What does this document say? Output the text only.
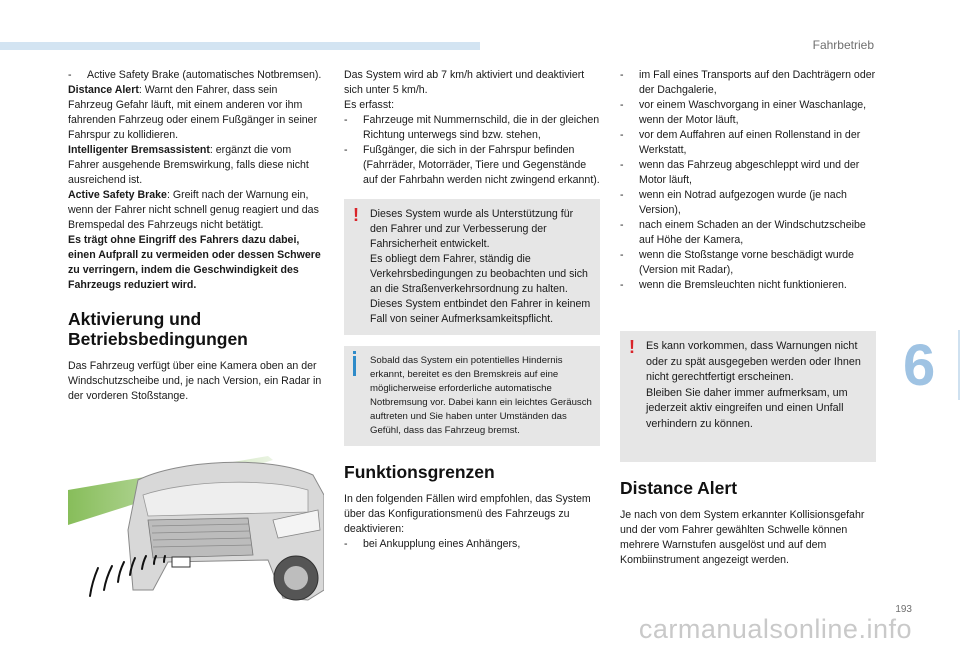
Fahrbetrieb
6
- Active Safety Brake (automatisches Notbremsen).

Distance Alert: Warnt den Fahrer, dass sein Fahrzeug Gefahr läuft, mit einem anderen vor ihm fahrenden Fahrzeug oder einem Fußgänger in seiner Fahrspur zu kollidieren.

Intelligenter Bremsassistent: ergänzt die vom Fahrer ausgehende Bremswirkung, falls diese nicht ausreichend ist.

Active Safety Brake: Greift nach der Warnung ein, wenn der Fahrer nicht schnell genug reagiert und das Bremspedal des Fahrzeugs nicht betätigt.

Es trägt ohne Eingriff des Fahrers dazu dabei, einen Aufprall zu vermeiden oder dessen Schwere zu verringern, indem die Geschwindigkeit des Fahrzeugs reduziert wird.

Aktivierung und Betriebsbedingungen

Das Fahrzeug verfügt über eine Kamera oben an der Windschutzscheibe und, je nach Version, ein Radar in der vorderen Stoßstange.

Das System wird ab 7 km/h aktiviert und deaktiviert sich unter 5 km/h.

Es erfasst:

- Fahrzeuge mit Nummernschild, die in der gleichen Richtung unterwegs sind bzw. stehen,
- Fußgänger, die sich in der Fahrspur befinden (Fahrräder, Motorräder, Tiere und Gegenstände auf der Fahrbahn werden nicht zwingend erkannt).
! Dieses System wurde als Unterstützung für den Fahrer und zur Verbesserung der Fahrsicherheit entwickelt.

Es obliegt dem Fahrer, ständig die Verkehrsbedingungen zu beobachten und sich an die Straßenverkehrsordnung zu halten.

Dieses System entbindet den Fahrer in keinem Fall von seiner Aufmerksamkeitspflicht.

Sobald das System ein potentielles Hindernis erkannt, bereitet es den Bremskreis auf eine möglicherweise erforderliche automatische Notbremsung vor. Dabei kann ein leichtes Geräusch auftreten und Sie haben unter Umständen das Gefühl, dass das Fahrzeug bremst.

Funktionsgrenzen

In den folgenden Fällen wird empfohlen, das System über das Konfigurationsmenü des Fahrzeugs zu deaktivieren:

- bei Ankupplung eines Anhängers,
- im Fall eines Transports auf den Dachträgern oder der Dachgalerie,
- vor einem Waschvorgang in einer Waschanlage, wenn der Motor läuft,
- vor dem Auffahren auf einen Rollenstand in der Werkstatt,
- wenn das Fahrzeug abgeschleppt wird und der Motor läuft,
- wenn ein Notrad aufgezogen wurde (je nach Version),
- nach einem Schaden an der Windschutzscheibe auf Höhe der Kamera,
- wenn die Stoßstange vorne beschädigt wurde (Version mit Radar),
- wenn die Bremsleuchten nicht funktionieren.
! Es kann vorkommen, dass Warnungen nicht oder zu spät ausgegeben werden oder Ihnen nicht gerechtfertigt erscheinen.

Bleiben Sie daher immer aufmerksam, um jederzeit aktiv eingreifen und einen Unfall verhindern zu können.

Distance Alert

Je nach von dem System erkannter Kollisionsgefahr und der vom Fahrer gewählten Schwelle können mehrere Warnstufen ausgelöst und auf dem Kombiinstrument angezeigt werden.

193
carmanualsonline.info
